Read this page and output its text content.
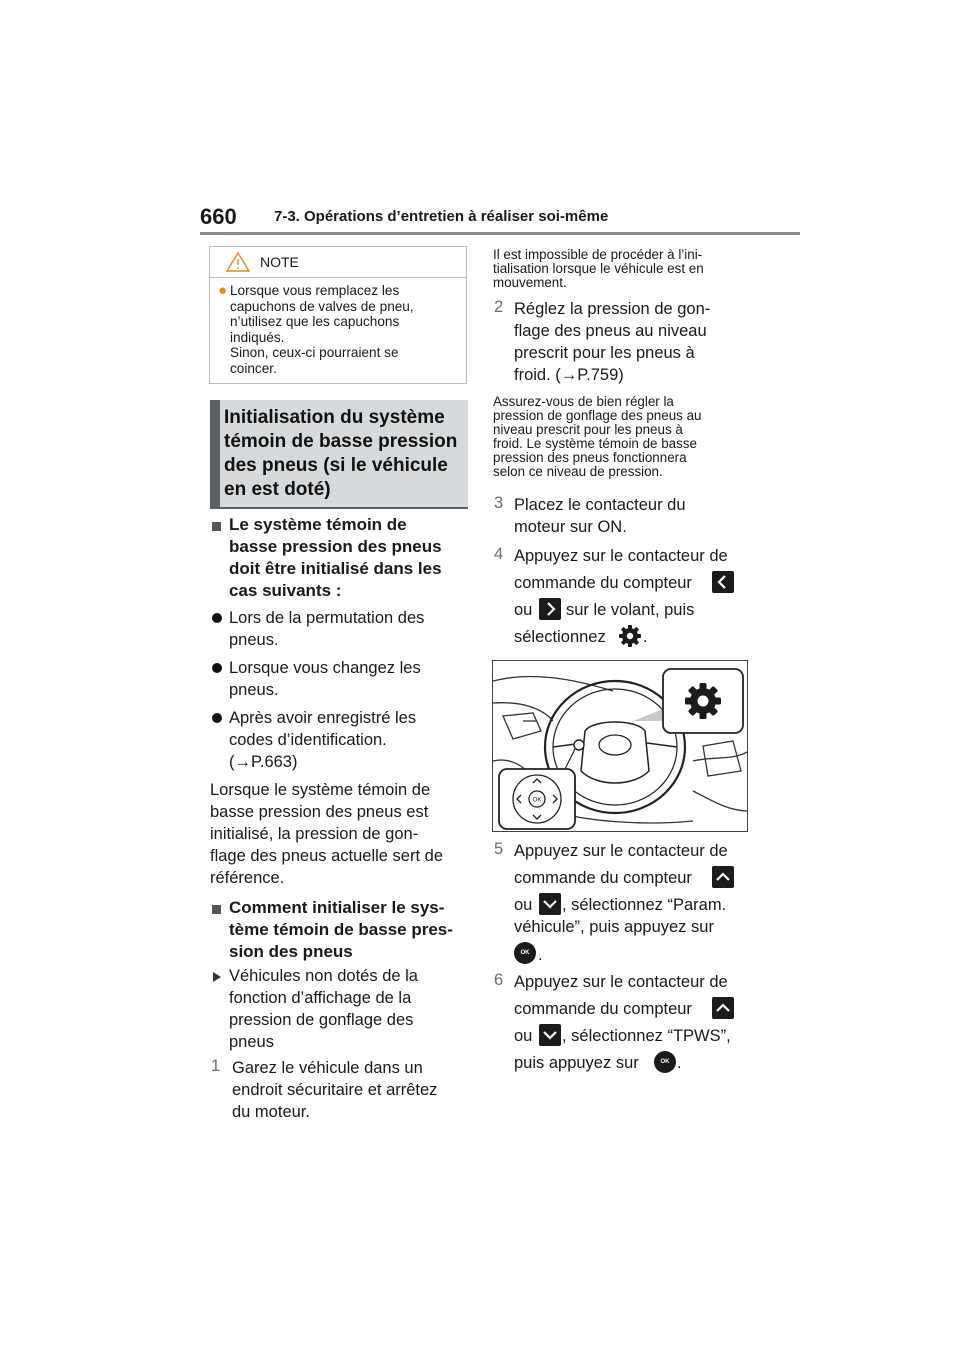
660 7-3. Opérations d’entretien à réaliser soi-même
NOTE
● Lorsque vous remplacez les
capuchons de valves de pneu,
n’utilisez que les capuchons
indiqués.
Sinon, ceux-ci pourraient se
coincer.
Initialisation du système
témoin de basse pression
des pneus (si le véhicule
en est doté)
Le système témoin de
basse pression des pneus
doit être initialisé dans les
cas suivants :
Lors de la permutation des
pneus.
Lorsque vous changez les
pneus.
Après avoir enregistré les
codes d’identification.
(→P.663)
Lorsque le système témoin de
basse pression des pneus est
initialisé, la pression de gon-
flage des pneus actuelle sert de
référence.
Comment initialiser le sys-
tème témoin de basse pres-
sion des pneus
Véhicules non dotés de la
fonction d’affichage de la
pression de gonflage des
pneus
1 Garez le véhicule dans un
endroit sécuritaire et arrêtez
du moteur.
Il est impossible de procéder à l’ini-
tialisation lorsque le véhicule est en
mouvement.
2 Réglez la pression de gon-
flage des pneus au niveau
prescrit pour les pneus à
froid. (→P.759)
Assurez-vous de bien régler la
pression de gonflage des pneus au
niveau prescrit pour les pneus à
froid. Le système témoin de basse
pression des pneus fonctionnera
selon ce niveau de pression.
3 Placez le contacteur du
moteur sur ON.
4 Appuyez sur le contacteur de
commande du compteur
ou sur le volant, puis
sélectionnez .
OK
5 Appuyez sur le contacteur de
commande du compteur
ou , sélectionnez “Param.
véhicule”, puis appuyez sur
OK .
6 Appuyez sur le contacteur de
commande du compteur
ou , sélectionnez “TPWS”,
puis appuyez sur	OK .
